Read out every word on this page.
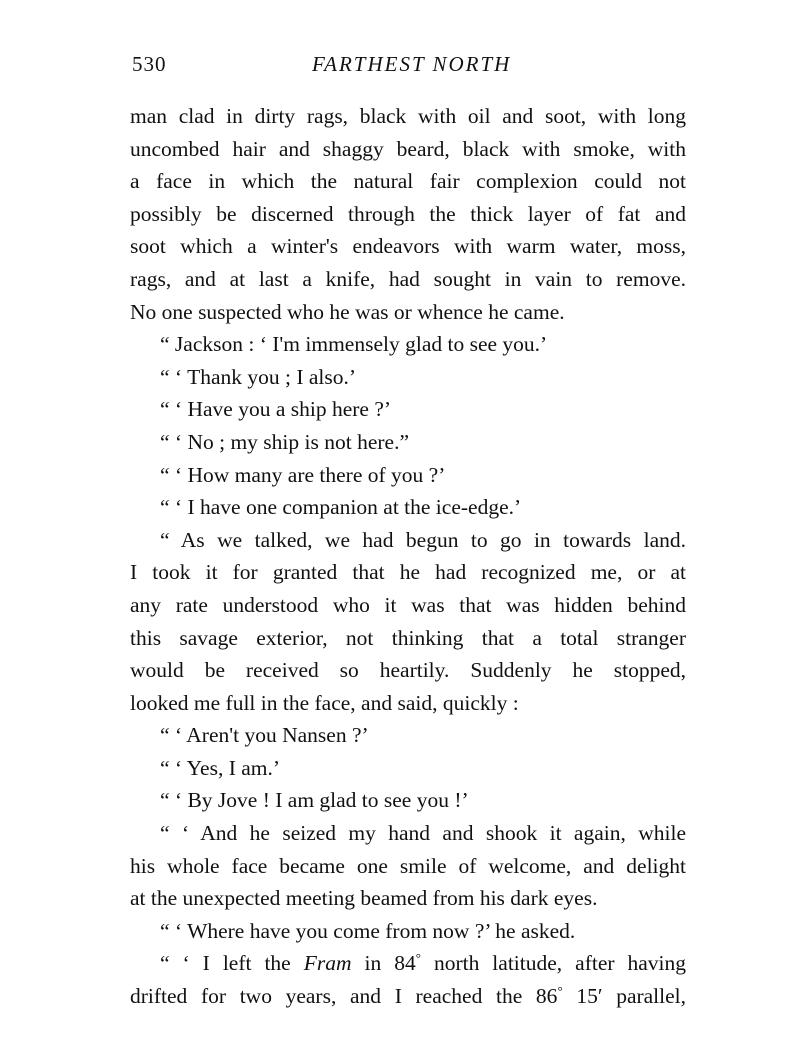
530	FARTHEST NORTH
man clad in dirty rags, black with oil and soot, with long
uncombed hair and shaggy beard, black with smoke, with
a face in which the natural fair complexion could not
possibly be discerned through the thick layer of fat and
soot which a winter's endeavors with warm water, moss,
rags, and at last a knife, had sought in vain to remove.
No one suspected who he was or whence he came.
“ Jackson : ‘ I'm immensely glad to see you.’
“ ‘ Thank you ; I also.’
“ ‘ Have you a ship here ?’
“ ‘ No ; my ship is not here.”
“ ‘ How many are there of you ?’
“ ‘ I have one companion at the ice-edge.’
“ As we talked, we had begun to go in towards land.
I took it for granted that he had recognized me, or at
any rate understood who it was that was hidden behind
this savage exterior, not thinking that a total stranger
would be received so heartily. Suddenly he stopped,
looked me full in the face, and said, quickly :
“ ‘ Aren't you Nansen ?’
“ ‘ Yes, I am.’
“ ‘ By Jove ! I am glad to see you !’
“ ‘ And he seized my hand and shook it again, while
his whole face became one smile of welcome, and delight
at the unexpected meeting beamed from his dark eyes.
“ ‘ Where have you come from now ?’ he asked.
“ ‘ I left the Fram in 84° north latitude, after having
drifted for two years, and I reached the 86° 15′ parallel,
